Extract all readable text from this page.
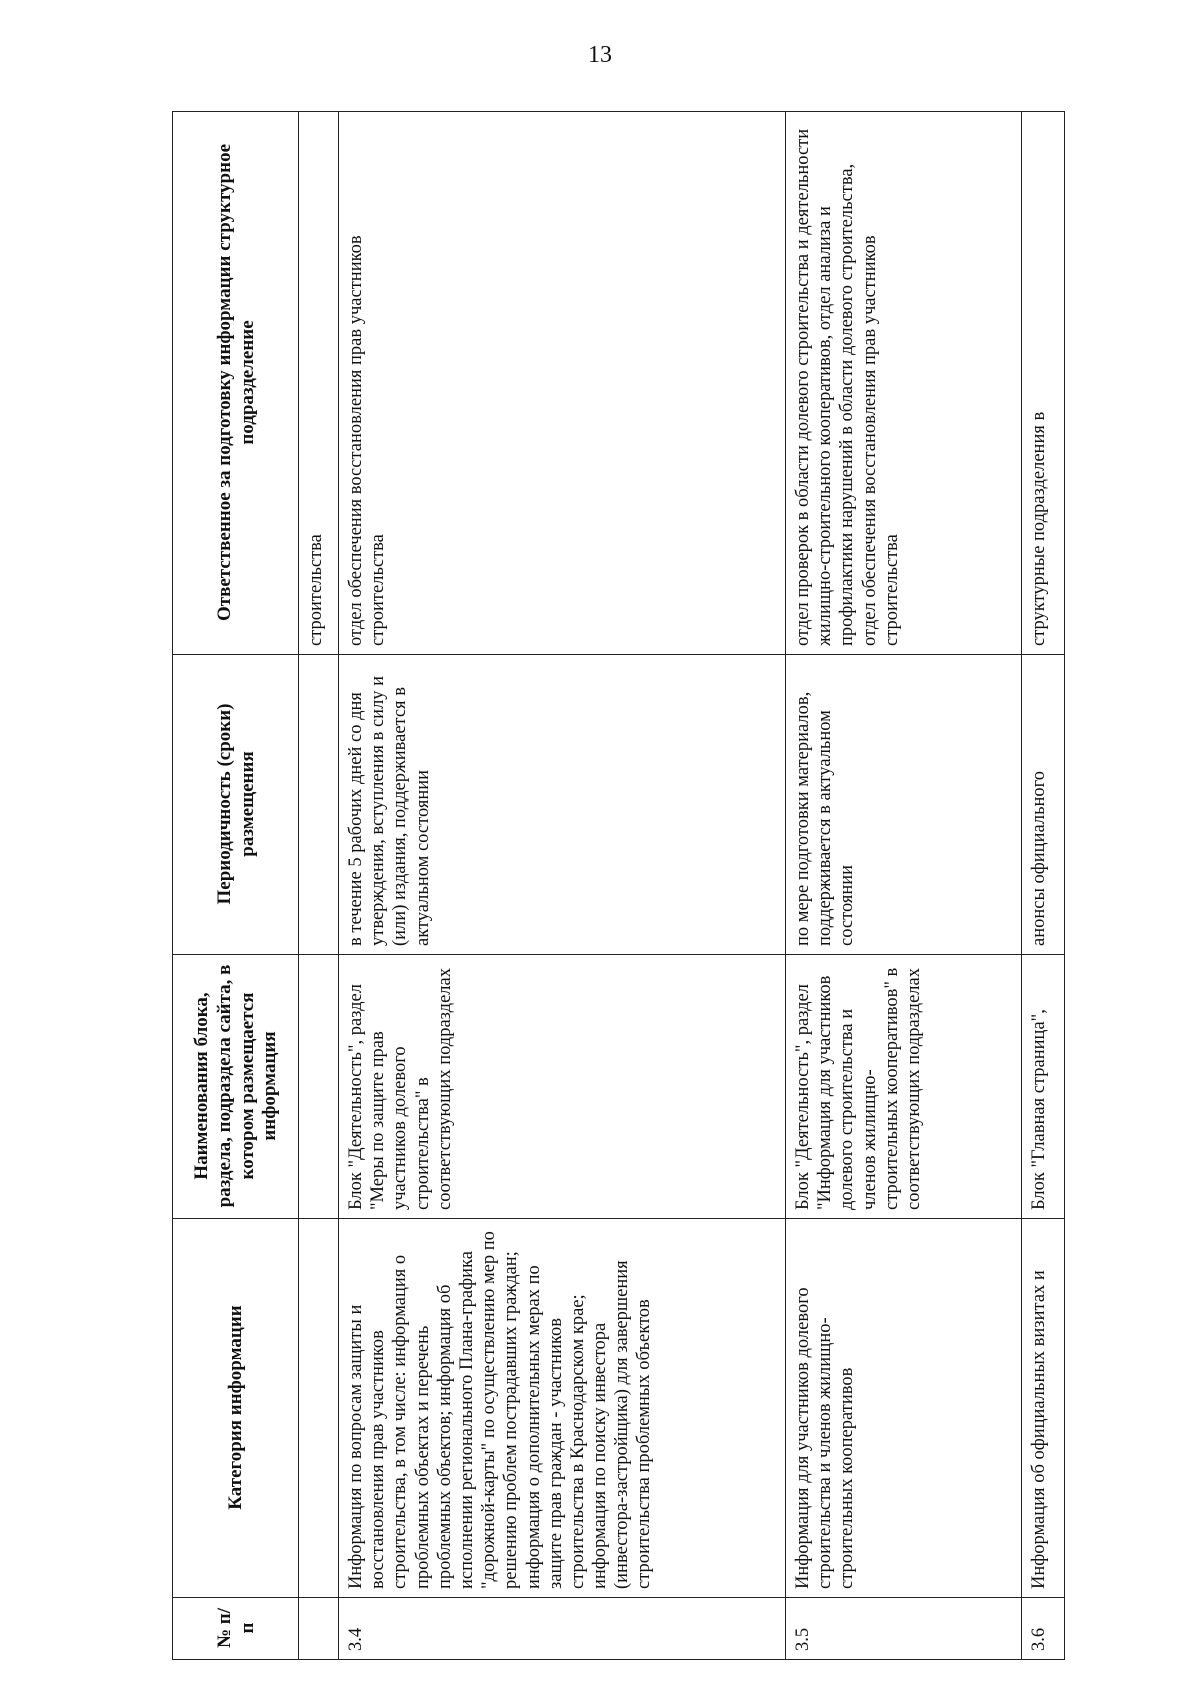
13
№ п/п	Категория информации	Наименования блока, раздела, подраздела сайта, в котором размещается информация	Периодичность (сроки) размещения	Ответственное за подготовку информации структурное подразделение
				строительства
3.4	Информация по вопросам защиты и восстановления прав участников строительства, в том числе: информация о проблемных объектах и перечень проблемных объектов; информация об исполнении регионального Плана-графика "дорожной-карты" по осуществлению мер по решению проблем пострадавших граждан; информация о дополнительных мерах по защите прав граждан - участников строительства в Краснодарском крае; информация по поиску инвестора (инвестора-застройщика) для завершения строительства проблемных объектов	Блок "Деятельность", раздел "Меры по защите прав участников долевого строительства" в соответствующих подразделах	в течение 5 рабочих дней со дня утверждения, вступления в силу и (или) издания, поддерживается в актуальном состоянии	отдел обеспечения восстановления прав участников строительства
3.5	Информация для участников долевого строительства и членов жилищно-строительных кооперативов	Блок "Деятельность", раздел "Информация для участников долевого строительства и членов жилищно-строительных кооперативов" в соответствующих подразделах	по мере подготовки материалов, поддерживается в актуальном состоянии	отдел проверок в области долевого строительства и деятельности жилищно-строительного кооперативов, отдел анализа и профилактики нарушений в области долевого строительства, отдел обеспечения восстановления прав участников строительства
3.6	Информация об официальных визитах и	Блок "Главная страница",	анонсы официального	структурные подразделения в
